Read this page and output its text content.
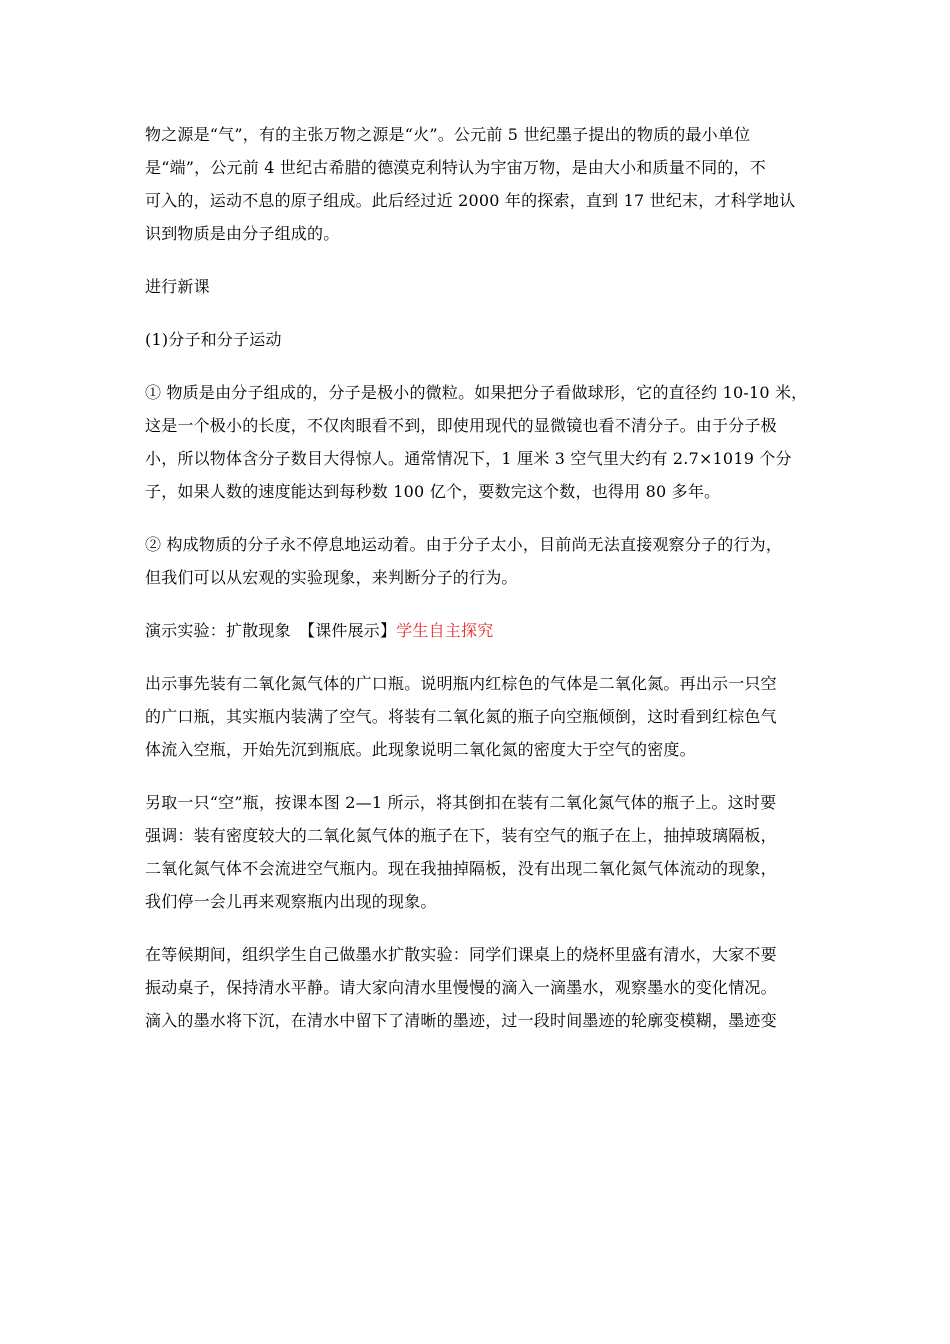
物之源是“气”，有的主张万物之源是“火”。公元前 5 世纪墨子提出的物质的最小单位
是“端”，公元前 4 世纪古希腊的德漠克利特认为宇宙万物，是由大小和质量不同的，不
可入的，运动不息的原子组成。此后经过近 2000 年的探索，直到 17 世纪末，才科学地认
识到物质是由分子组成的。
进行新课
(1)分子和分子运动
① 物质是由分子组成的，分子是极小的微粒。如果把分子看做球形，它的直径约 10-10 米，
这是一个极小的长度，不仅肉眼看不到，即使用现代的显微镜也看不清分子。由于分子极
小，所以物体含分子数目大得惊人。通常情况下，1 厘米 3 空气里大约有 2.7×1019 个分
子，如果人数的速度能达到每秒数 100 亿个，要数完这个数，也得用 80 多年。
② 构成物质的分子永不停息地运动着。由于分子太小，目前尚无法直接观察分子的行为，
但我们可以从宏观的实验现象，来判断分子的行为。
演示实验：扩散现象　【课件展示】学生自主探究
出示事先装有二氧化氮气体的广口瓶。说明瓶内红棕色的气体是二氧化氮。再出示一只空
的广口瓶，其实瓶内装满了空气。将装有二氧化氮的瓶子向空瓶倾倒，这时看到红棕色气
体流入空瓶，开始先沉到瓶底。此现象说明二氧化氮的密度大于空气的密度。
另取一只“空”瓶，按课本图 2—1 所示，将其倒扣在装有二氧化氮气体的瓶子上。这时要
强调：装有密度较大的二氧化氮气体的瓶子在下，装有空气的瓶子在上，抽掉玻璃隔板，
二氧化氮气体不会流进空气瓶内。现在我抽掉隔板，没有出现二氧化氮气体流动的现象，
我们停一会儿再来观察瓶内出现的现象。
在等候期间，组织学生自己做墨水扩散实验：同学们课桌上的烧杯里盛有清水，大家不要
振动桌子，保持清水平静。请大家向清水里慢慢的滴入一滴墨水，观察墨水的变化情况。
滴入的墨水将下沉，在清水中留下了清晰的墨迹，过一段时间墨迹的轮廓变模糊，墨迹变
